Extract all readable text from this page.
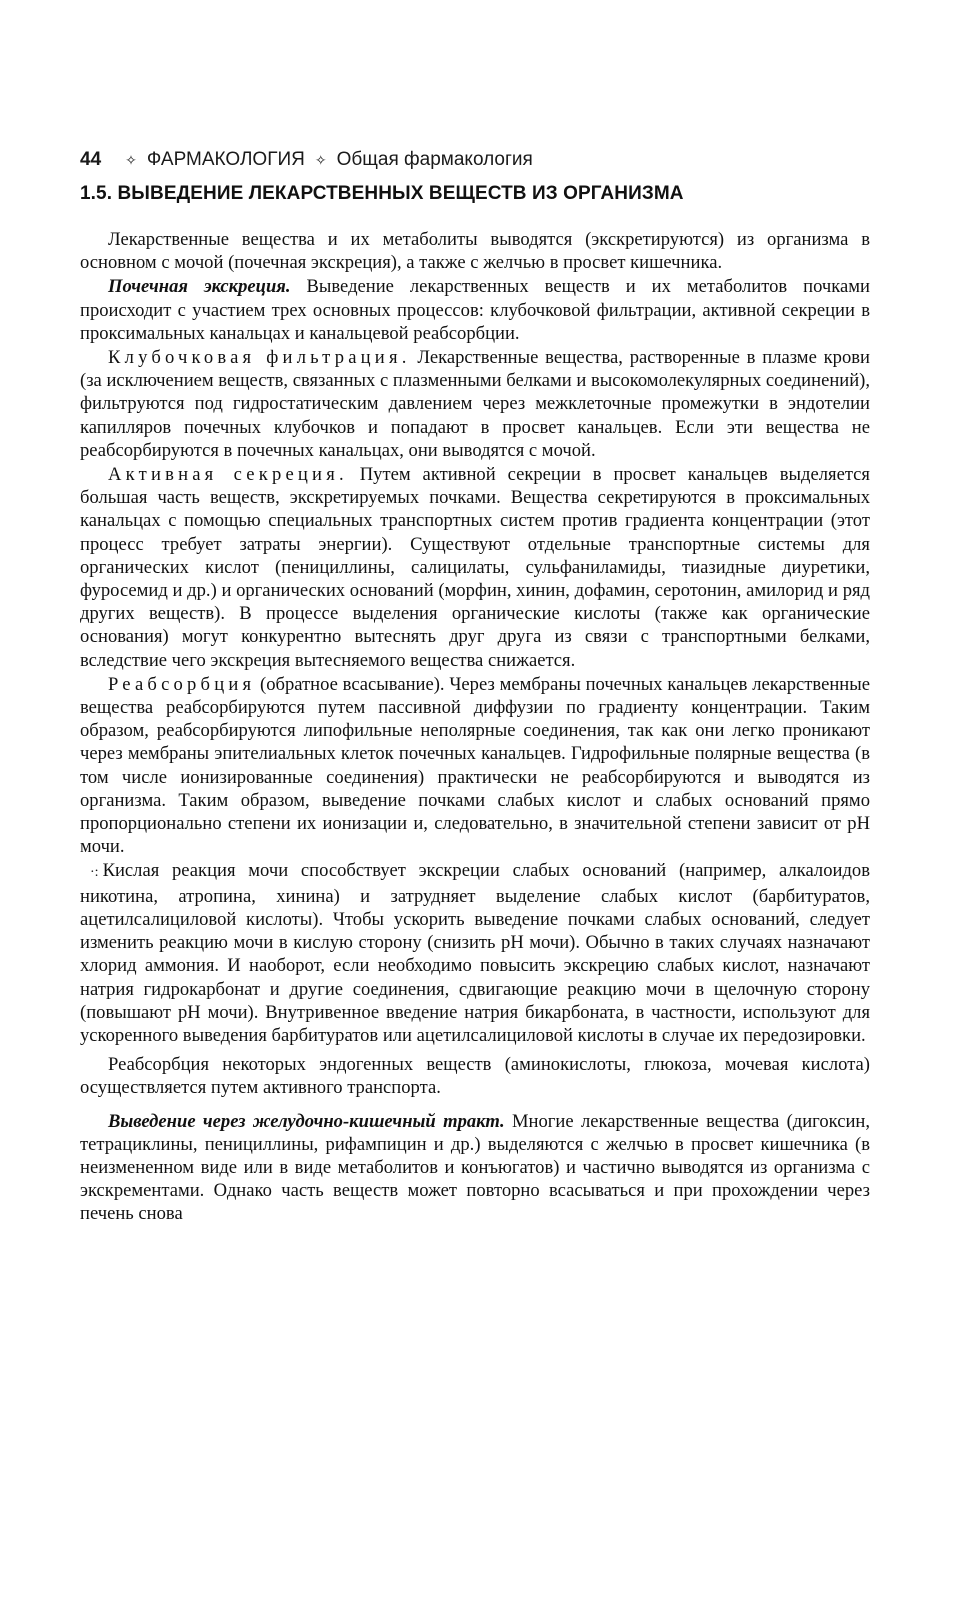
44 ✧ ФАРМАКОЛОГИЯ ✧ Общая фармакология
1.5. ВЫВЕДЕНИЕ ЛЕКАРСТВЕННЫХ ВЕЩЕСТВ ИЗ ОРГАНИЗМА

Лекарственные вещества и их метаболиты выводятся (экскретируются) из организма в основном с мочой (почечная экскреция), а также с желчью в просвет кишечника.

Почечная экскреция. Выведение лекарственных веществ и их метаболитов почками происходит с участием трех основных процессов: клубочковой фильтрации, активной секреции в проксимальных канальцах и канальцевой реабсорбции.

Клубочковая фильтрация. Лекарственные вещества, растворенные в плазме крови (за исключением веществ, связанных с плазменными белками и высокомолекулярных соединений), фильтруются под гидростатическим давлением через межклеточные промежутки в эндотелии капилляров почечных клубочков и попадают в просвет канальцев. Если эти вещества не реабсорбируются в почечных канальцах, они выводятся с мочой.

Активная секреция. Путем активной секреции в просвет канальцев выделяется большая часть веществ, экскретируемых почками. Вещества секретируются в проксимальных канальцах с помощью специальных транспортных систем против градиента концентрации (этот процесс требует затраты энергии). Существуют отдельные транспортные системы для органических кислот (пенициллины, салицилаты, сульфаниламиды, тиазидные диуретики, фуросемид и др.) и органических оснований (морфин, хинин, дофамин, серотонин, амилорид и ряд других веществ). В процессе выделения органические кислоты (также как органические основания) могут конкурентно вытеснять друг друга из связи с транспортными белками, вследствие чего экскреция вытесняемого вещества снижается.

Реабсорбция (обратное всасывание). Через мембраны почечных канальцев лекарственные вещества реабсорбируются путем пассивной диффузии по градиенту концентрации. Таким образом, реабсорбируются липофильные неполярные соединения, так как они легко проникают через мембраны эпителиальных клеток почечных канальцев. Гидрофильные полярные вещества (в том числе ионизированные соединения) практически не реабсорбируются и выводятся из организма. Таким образом, выведение почками слабых кислот и слабых оснований прямо пропорционально степени их ионизации и, следовательно, в значительной степени зависит от pH мочи.

·: Кислая реакция мочи способствует экскреции слабых оснований (например, алкалоидов никотина, атропина, хинина) и затрудняет выделение слабых кислот (барбитуратов, ацетилсалициловой кислоты). Чтобы ускорить выведение почками слабых оснований, следует изменить реакцию мочи в кислую сторону (снизить pH мочи). Обычно в таких случаях назначают хлорид аммония. И наоборот, если необходимо повысить экскрецию слабых кислот, назначают натрия гидрокарбонат и другие соединения, сдвигающие реакцию мочи в щелочную сторону (повышают pH мочи). Внутривенное введение натрия бикарбоната, в частности, используют для ускоренного выведения барбитуратов или ацетилсалициловой кислоты в случае их передозировки.

Реабсорбция некоторых эндогенных веществ (аминокислоты, глюкоза, мочевая кислота) осуществляется путем активного транспорта.

Выведение через желудочно-кишечный тракт. Многие лекарственные вещества (дигоксин, тетрациклины, пенициллины, рифампицин и др.) выделяются с желчью в просвет кишечника (в неизмененном виде или в виде метаболитов и конъюгатов) и частично выводятся из организма с экскрементами. Однако часть веществ может повторно всасываться и при прохождении через печень снова
